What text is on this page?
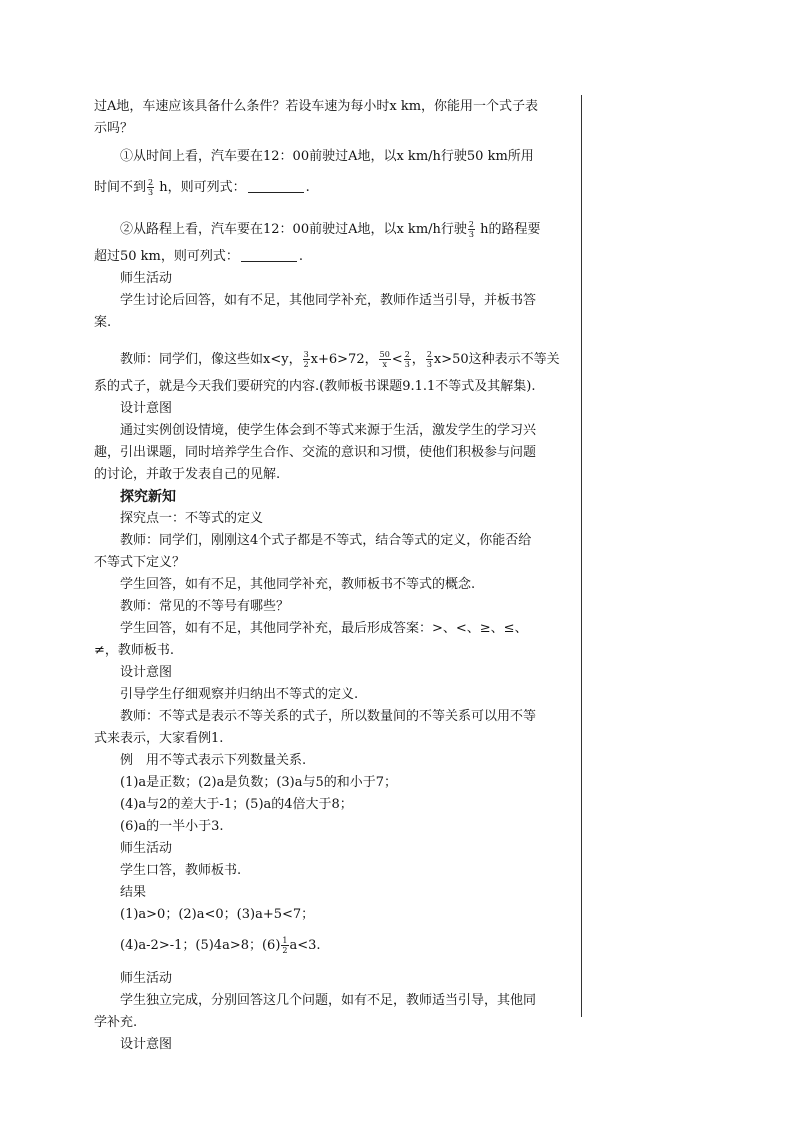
过A地，车速应该具备什么条件？若设车速为每小时x km，你能用一个式子表
示吗？
①从时间上看，汽车要在12：00前驶过A地，以x km/h行驶50 km所用
时间不到 $\frac{2}{3}$ h，则可列式：	.
②从路程上看，汽车要在12：00前驶过A地，以x km/h行驶 $\frac{2}{3}$ h的路程要
超过50 km，则可列式：	.
师生活动
学生讨论后回答，如有不足，其他同学补充，教师作适当引导，并板书答
案.
教师：同学们，像这些如x<y， $\frac{3}{2} x+6>72$， $\frac{50}{x} < \frac{2}{3}$ ， $\frac{2}{3} x>50$这种表示不等关
系的式子，就是今天我们要研究的内容.(教师板书课题9.1.1不等式及其解集).
设计意图
通过实例创设情境，使学生体会到不等式来源于生活，激发学生的学习兴
趣，引出课题，同时培养学生合作、交流的意识和习惯，使他们积极参与问题
的讨论，并敢于发表自己的见解.
探究新知
探究点一：不等式的定义
教师：同学们，刚刚这4个式子都是不等式，结合等式的定义，你能否给
不等式下定义？
学生回答，如有不足，其他同学补充，教师板书不等式的概念.
教师：常见的不等号有哪些？
学生回答，如有不足，其他同学补充，最后形成答案：>、<、≥、≤、
≠，教师板书.
设计意图
引导学生仔细观察并归纳出不等式的定义.
教师：不等式是表示不等关系的式子，所以数量间的不等关系可以用不等
式来表示，大家看例1.
例　用不等式表示下列数量关系.
(1)a是正数；(2)a是负数；(3)a与5的和小于7；
(4)a与2的差大于-1；(5)a的4倍大于8；
(6)a的一半小于3.
师生活动
学生口答，教师板书.
结果
(1)a>0；(2)a<0；(3)a+5<7；
(4)a-2>-1；(5)4a>8；$(6) \frac{1}{2} a<3$.
师生活动
学生独立完成，分别回答这几个问题，如有不足，教师适当引导，其他同
学补充.
设计意图
